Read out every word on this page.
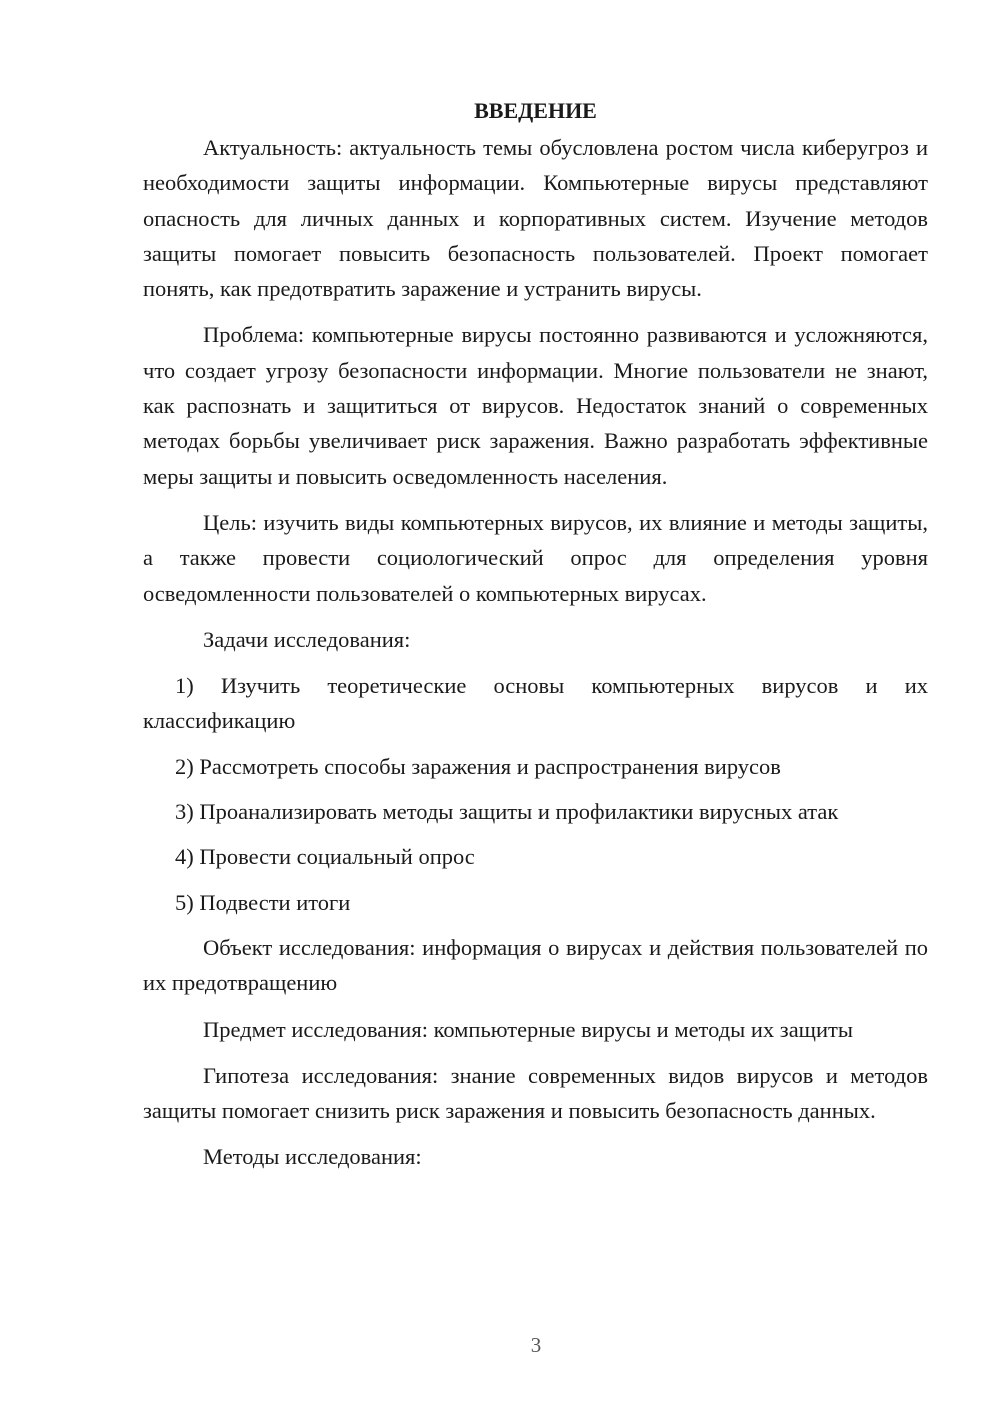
ВВЕДЕНИЕ

Актуальность: актуальность темы обусловлена ростом числа киберугроз и необходимости защиты информации. Компьютерные вирусы представляют опасность для личных данных и корпоративных систем. Изучение методов защиты помогает повысить безопасность пользователей. Проект помогает понять, как предотвратить заражение и устранить вирусы.

Проблема: компьютерные вирусы постоянно развиваются и усложняются, что создает угрозу безопасности информации. Многие пользователи не знают, как распознать и защититься от вирусов. Недостаток знаний о современных методах борьбы увеличивает риск заражения. Важно разработать эффективные меры защиты и повысить осведомленность населения.

Цель: изучить виды компьютерных вирусов, их влияние и методы защиты, а также провести социологический опрос для определения уровня осведомленности пользователей о компьютерных вирусах.

Задачи исследования:

1) Изучить теоретические основы компьютерных вирусов и их классификацию

2) Рассмотреть способы заражения и распространения вирусов

3) Проанализировать методы защиты и профилактики вирусных атак

4) Провести социальный опрос

5) Подвести итоги

Объект исследования: информация о вирусах и действия пользователей по их предотвращению

Предмет исследования: компьютерные вирусы и методы их защиты

Гипотеза исследования: знание современных видов вирусов и методов защиты помогает снизить риск заражения и повысить безопасность данных.

Методы исследования:

3
